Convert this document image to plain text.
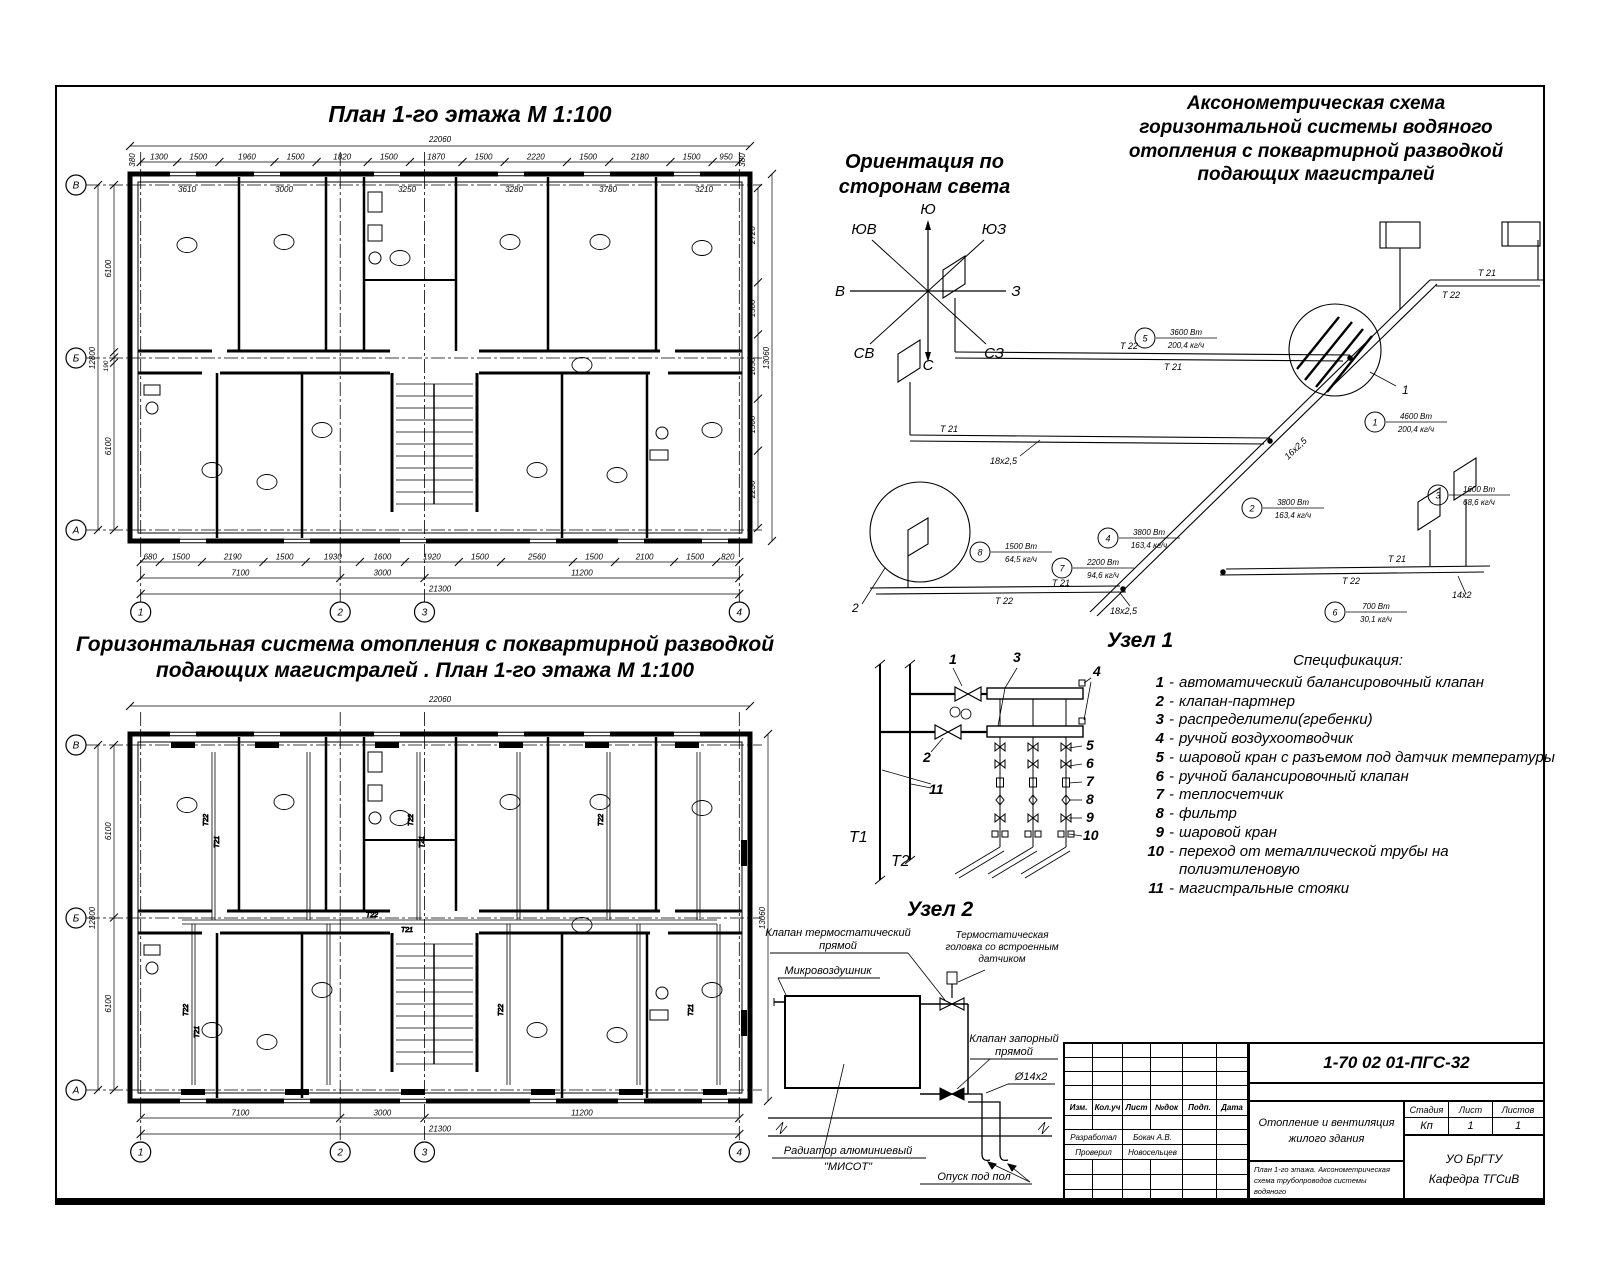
План 1-го этажа М 1:100
В
Б
А
1	2	3	4
22060
1300	1500	1960	1500	1820	1500	1870	1500	2220	1500	2180	1500 950
380	380
3610	3000	3250	3280	3780	3210
680 1500	2190	1500	1930	1600	1920	1500	2560	1500	2100	1500 820
6100
6100
190
2720
1500
1850
1500
2230
13060
12800
7100	3000	11200
21300
Ориентация по
сторонам света
Ю
ЮВ	ЮЗ
В	З
СВ	СЗ
С
Аксонометрическая схема
горизонтальной системы водяного
отопления с поквартирной разводкой
подающих магистралей
Т 21
Т 22
Т 22
Т 21
Т 21
Т 22
Т 21
Т 21
Т 22
18х2,5
18х2,5
16х2,5
14х2
1
2
5
3600 Вт
200,4 кг/ч
1
4600 Вт
200,4 кг/ч
2
3800 Вт
163,4 кг/ч
3
1600 Вт
68,6 кг/ч
4
3800 Вт
163,4 кг/ч
7
2200 Вт
94,6 кг/ч
8
1500 Вт
64,5 кг/ч
6
700 Вт
30,1 кг/ч
Узел 1
Т1
Т2
1
2
3
4
5
6
7
8
9
10
11
Спецификация:
1 - автоматический балансировочный клапан
2 - клапан-партнер
3 - распределители(гребенки)
4 - ручной воздухоотводчик
5 - шаровой кран с разъемом под датчик температуры
6 - ручной балансировочный клапан
7 - теплосчетчик
8 - фильтр
9 - шаровой кран
10 - переход от металлической трубы на полиэтиленовую
11 - магистральные стояки
Горизонтальная система отопления с поквартирной разводкой
подающих магистралей . План 1-го этажа М 1:100
В
Б
А
1	2	3	4
22060
6100
6100
13060
12800
7100	3000	11200
21300
Т22
Т21
Т22
Т21
Т22
Т22
Т21
Т22	Т21
Т22
Т21
Узел 2
Клапан термостатический
прямой
Микровоздушник
Термостатическая
головка со встроенным
датчиком
Клапан запорный
прямой
Ø14х2
Радиатор алюминиевый
"МИСОТ"
Опуск под пол
Изм. Кол.уч Лист №док	Подп.	Дата
Разработал	Бокач А.В.
Проверил	Новосельцев
1-70 02 01-ПГС-32
Отопление и вентиляция
жилого здания
План 1-го этажа. Аксонометрическая
схема трубопроводов системы водяного
отопления. Узлы системы отопления
Стадия	Лист	Листов
Кп	1	1
УО БрГТУ
Кафедра ТГСиВ
